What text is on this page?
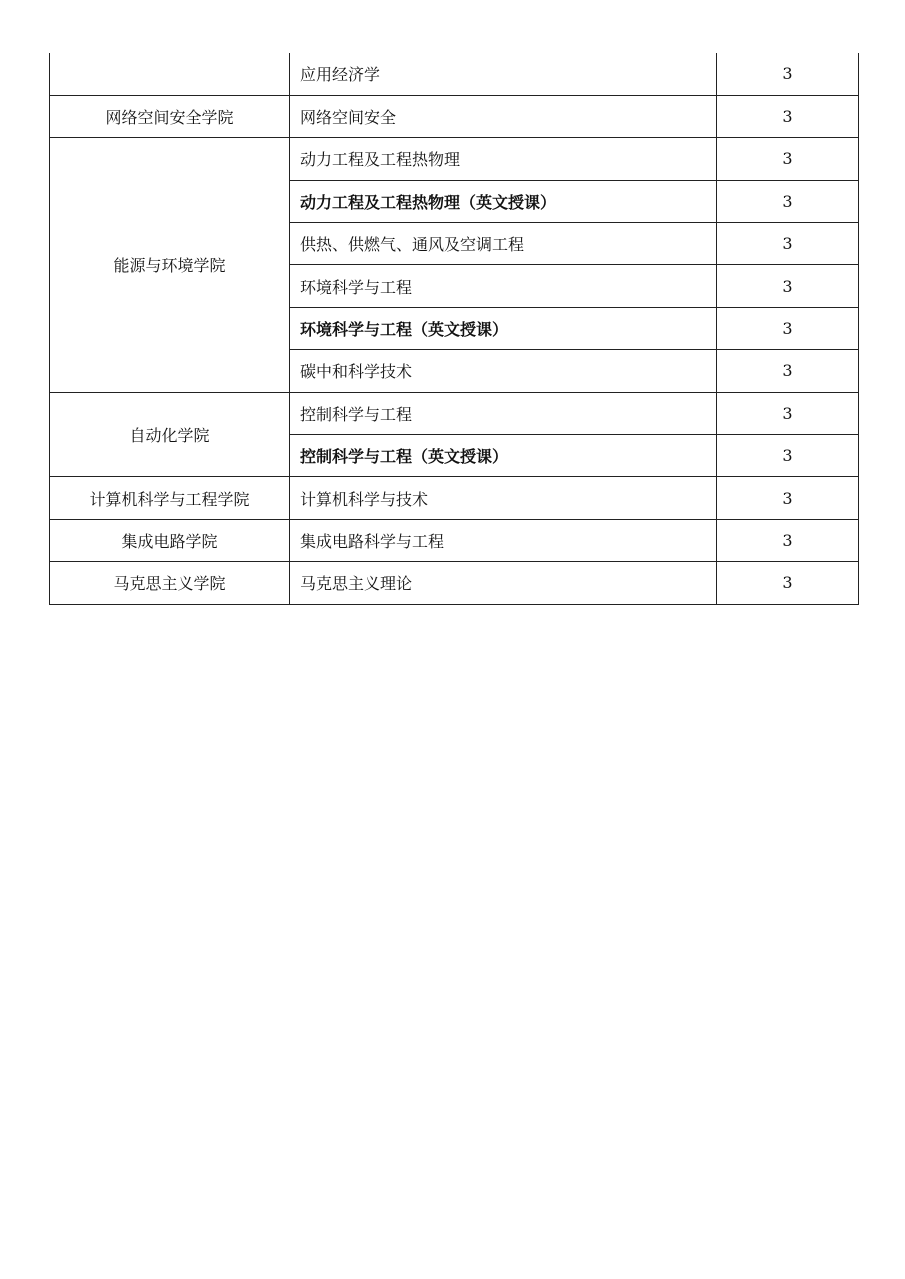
	应用经济学	3
网络空间安全学院	网络空间安全	3
能源与环境学院	动力工程及工程热物理	3
	动力工程及工程热物理（英文授课）	3
	供热、供燃气、通风及空调工程	3
	环境科学与工程	3
	环境科学与工程（英文授课）	3
	碳中和科学技术	3
自动化学院	控制科学与工程	3
	控制科学与工程（英文授课）	3
计算机科学与工程学院	计算机科学与技术	3
集成电路学院	集成电路科学与工程	3
马克思主义学院	马克思主义理论	3
